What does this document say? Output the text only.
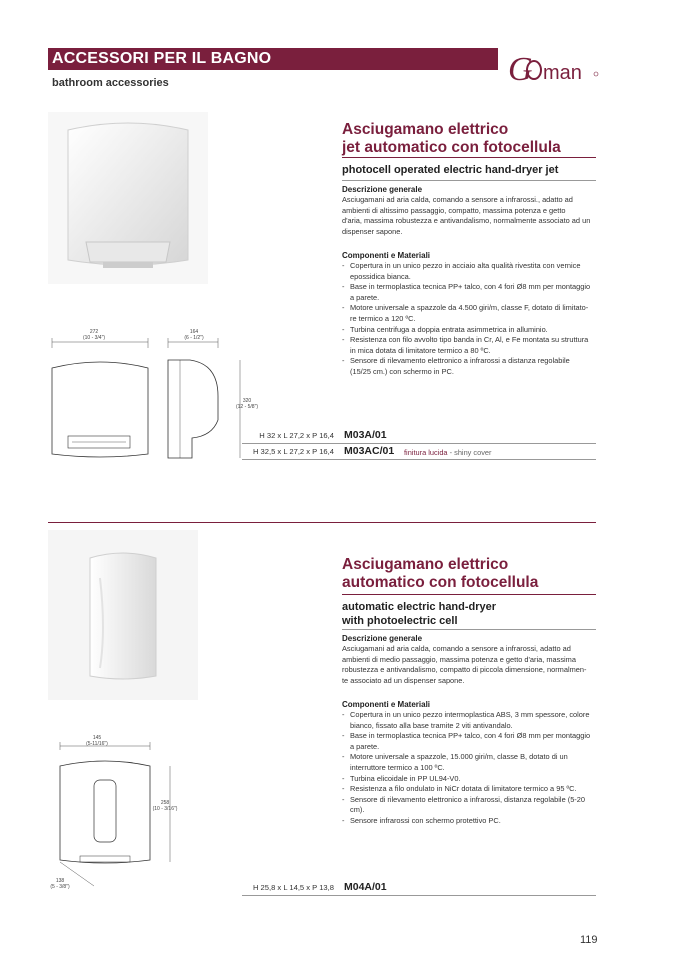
ACCESSORI PER IL BAGNO
bathroom accessories	G man
272
(10 - 3/4")
164
(6 - 1/2")
320
(12 - 5/8")
Asciugamano elettrico
jet automatico con fotocellula
photocell operated electric hand-dryer jet
Descrizione generale
Asciugamani ad aria calda, comando a sensore a infrarossi., adatto ad
ambienti di altissimo passaggio, compatto, massima potenza e getto
d'aria, massima robustezza e antivandalismo, normalmente associato ad un
dispenser sapone.
Componenti e Materiali
- Copertura in un unico pezzo in acciaio alta qualità rivestita con vernice
epossidica bianca.
- Base in termoplastica tecnica PP+ talco, con 4 fori Ø8 mm per montaggio
a parete.
- Motore universale a spazzole da 4.500 giri/m, classe F, dotato di limitato-
re termico a 120 ºC.
- Turbina centrifuga a doppia entrata asimmetrica in alluminio.
- Resistenza con filo avvolto tipo banda in Cr, Al, e Fe montata su struttura
in mica dotata di limitatore termico a 80 ºC.
- Sensore di rilevamento elettronico a infrarossi a distanza regolabile
(15/25 cm.) con schermo in PC.
H 32 x L 27,2 x P 16,4 M03A/01
H 32,5 x L 27,2 x P 16,4 M03AC/01 finitura lucida - shiny cover
145
(5-11/16")
258
(10 - 3/16")
138
(5 - 3/8")
Asciugamano elettrico
automatico con fotocellula
automatic electric hand-dryer
with photoelectric cell
Descrizione generale
Asciugamani ad aria calda, comando a sensore a infrarossi, adatto ad
ambienti di medio passaggio, massima potenza e getto d'aria, massima
robustezza e antivandalismo, compatto di piccola dimensione, normalmen-
te associato ad un dispenser sapone.
Componenti e Materiali
- Copertura in un unico pezzo intermoplastica ABS, 3 mm spessore, colore
bianco, fissato alla base tramite 2 viti antivandalo.
- Base in termoplastica tecnica PP+ talco, con 4 fori Ø8 mm per montaggio
a parete.
- Motore universale a spazzole, 15.000 giri/m, classe B, dotato di un
interruttore termico a 100 ºC.
- Turbina elicoidale in PP UL94-V0.
- Resistenza a filo ondulato in NiCr dotata di limitatore termico a 95 ºC.
- Sensore di rilevamento elettronico a infrarossi, distanza regolabile (5-20
cm).
- Sensore infrarossi con schermo protettivo PC.
H 25,8 x L 14,5 x P 13,8 M04A/01
119
